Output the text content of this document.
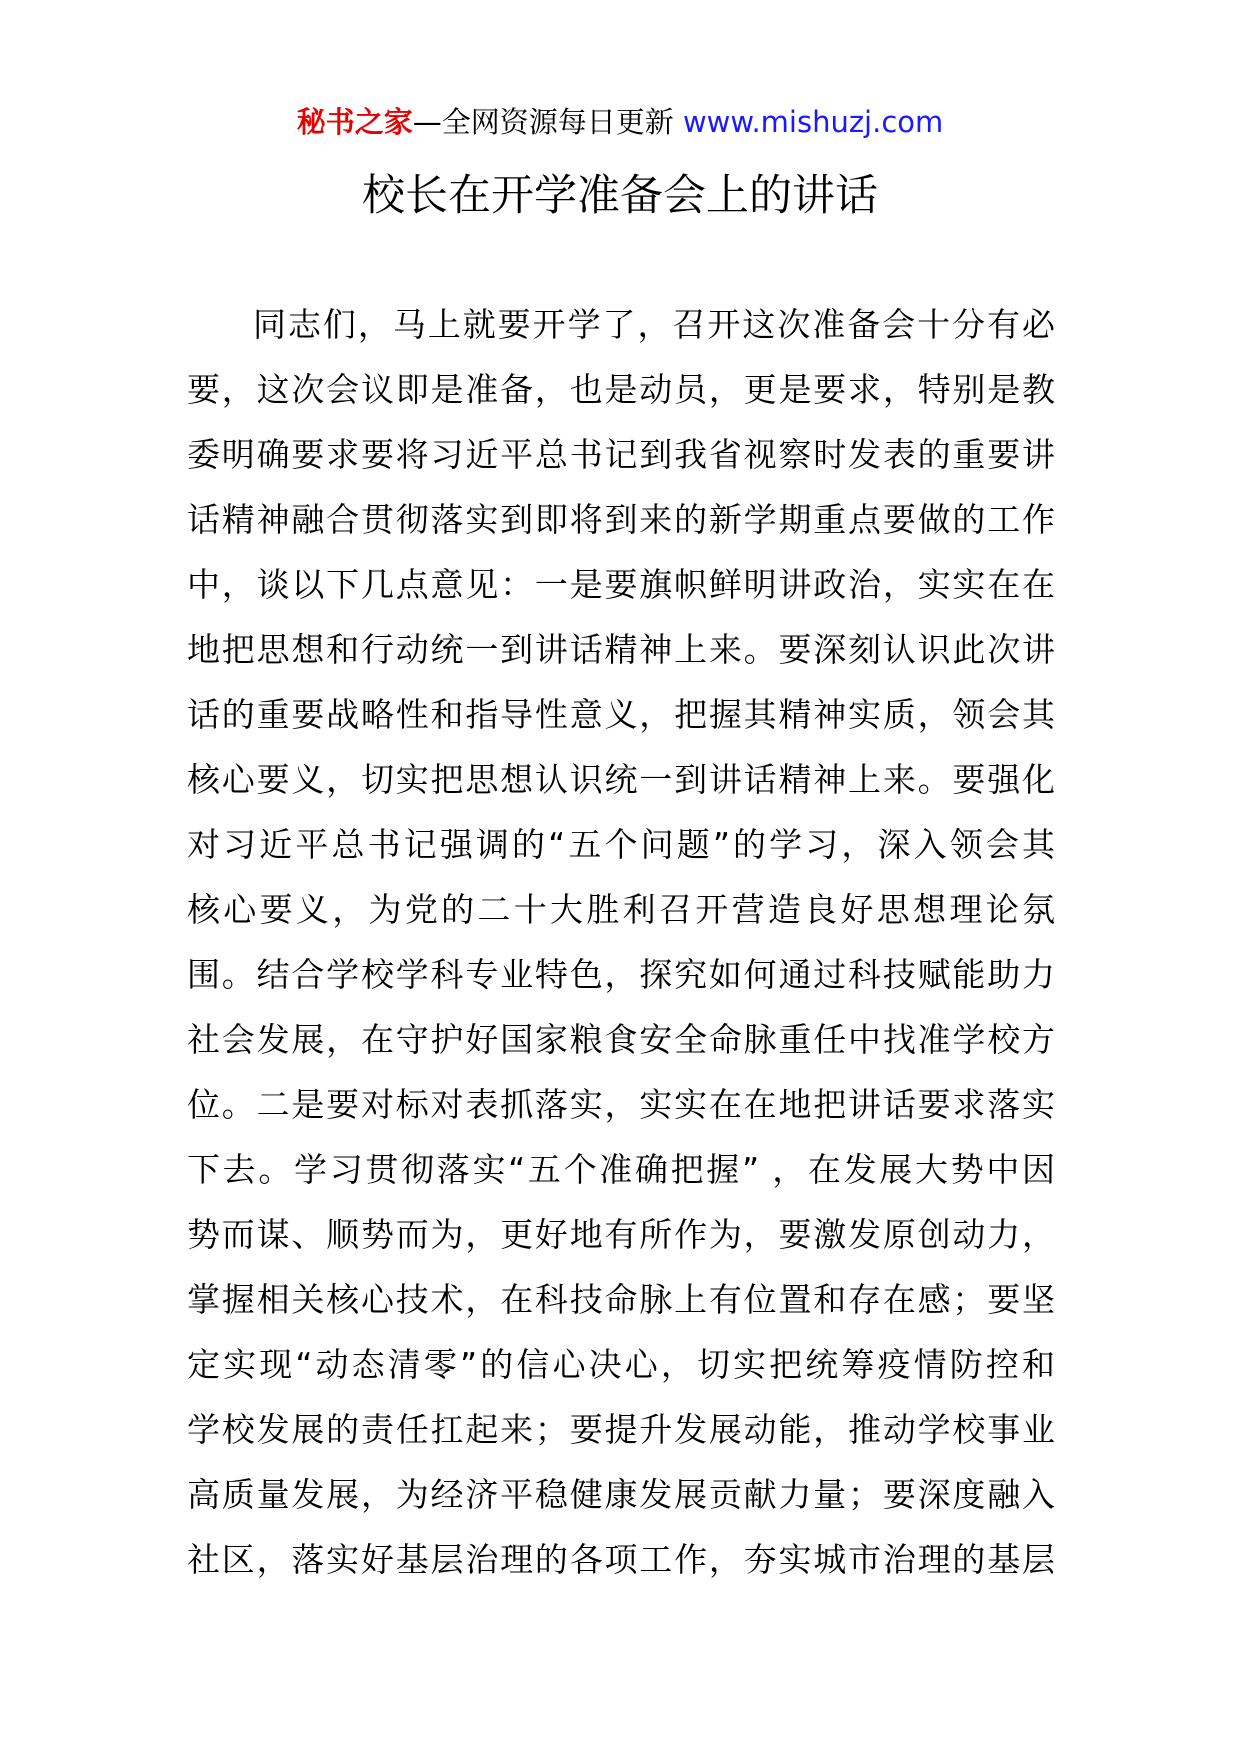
秘书之家—全网资源每日更新 www.mishuzj.com
校长在开学准备会上的讲话
同志们，马上就要开学了，召开这次准备会十分有必
要，这次会议即是准备，也是动员，更是要求，特别是教
委明确要求要将习近平总书记到我省视察时发表的重要讲
话精神融合贯彻落实到即将到来的新学期重点要做的工作
中，谈以下几点意见：一是要旗帜鲜明讲政治，实实在在
地把思想和行动统一到讲话精神上来。要深刻认识此次讲
话的重要战略性和指导性意义，把握其精神实质，领会其
核心要义，切实把思想认识统一到讲话精神上来。要强化
对习近平总书记强调的“五个问题”的学习，深入领会其
核心要义，为党的二十大胜利召开营造良好思想理论氛
围。结合学校学科专业特色，探究如何通过科技赋能助力
社会发展，在守护好国家粮食安全命脉重任中找准学校方
位。二是要对标对表抓落实，实实在在地把讲话要求落实
下去。学习贯彻落实“五个准确把握” ，在发展大势中因
势而谋、顺势而为，更好地有所作为，要激发原创动力，
掌握相关核心技术，在科技命脉上有位置和存在感；要坚
定实现“动态清零”的信心决心，切实把统筹疫情防控和
学校发展的责任扛起来；要提升发展动能，推动学校事业
高质量发展，为经济平稳健康发展贡献力量；要深度融入
社区，落实好基层治理的各项工作，夯实城市治理的基层
